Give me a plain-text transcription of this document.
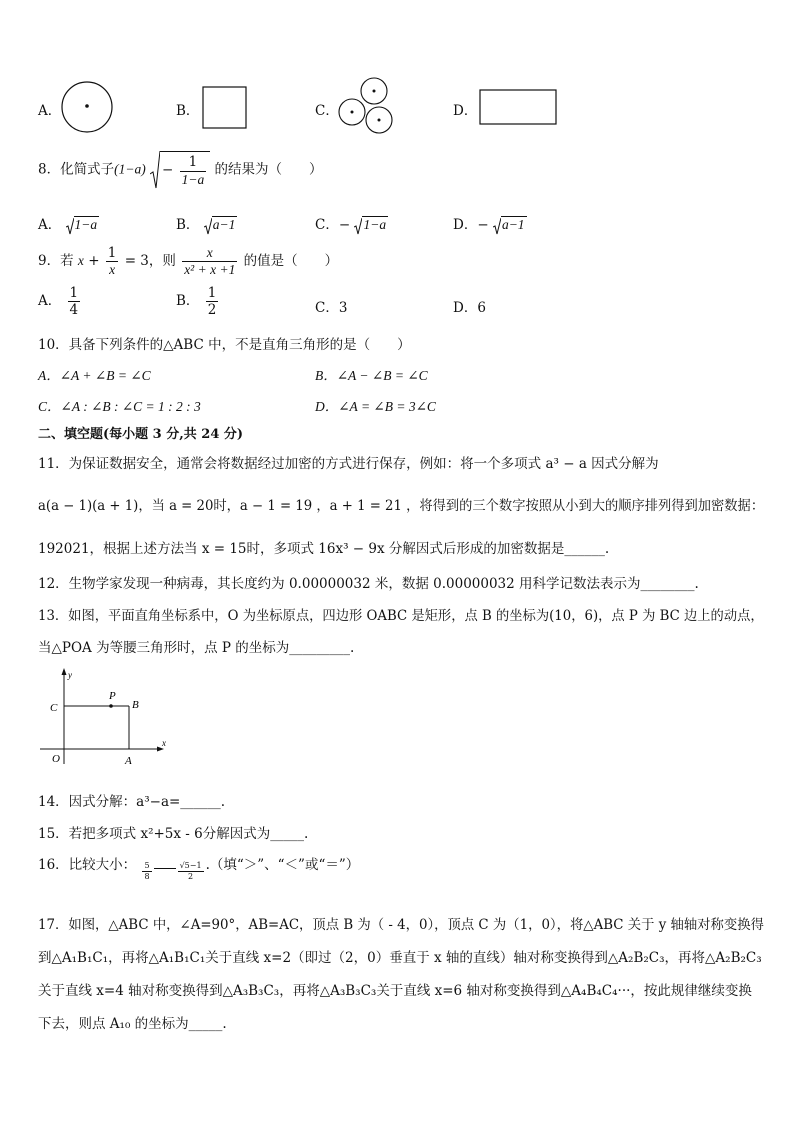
A．	B．	C．	D．
8．化简式子$(1-a) - \frac{1}{1-a}$ 的结果为（　　）
A． 1−a	B． a−1	C．− 1−a	D．− a−1
9．若 $x + \frac{1}{x} = 3$，则 $\frac{x}{\text{x² + x +1}}$ 的值是（　　）
A． $\frac{1}{4}$	B． $\frac{1}{2}$	C．3	D．6
10．具备下列条件的△ABC 中，不是直角三角形的是（　　）
A．∠A + ∠B = ∠C	B．∠A − ∠B = ∠C
C．∠A : ∠B : ∠C = 1 : 2 : 3	D．∠A = ∠B = 3∠C
二、填空题(每小题 3 分,共 24 分)
11．为保证数据安全，通常会将数据经过加密的方式进行保存，例如：将一个多项式 a³ − a 因式分解为
a(a − 1)(a + 1)，当 a = 20时，a − 1 = 19 ，a + 1 = 21 ，将得到的三个数字按照从小到大的顺序排列得到加密数据：
192021，根据上述方法当 x = 15时，多项式 16x³ − 9x 分解因式后形成的加密数据是______.
12．生物学家发现一种病毒，其长度约为 0.00000032 米，数据 0.00000032 用科学记数法表示为________.
13．如图，平面直角坐标系中，O 为坐标原点，四边形 OABC 是矩形，点 B 的坐标为(10，6)，点 P 为 BC 边上的动点，
当△POA 为等腰三角形时，点 P 的坐标为_________.
y
x
C
P
B
O	A
14．因式分解：a³−a=______.
15．若把多项式 x²+5x - 6分解因式为_____.
16．比较大小： $\frac{5}{8}$	$\frac{√5-1}{2}$ .（填“＞”、“＜”或“＝”）
17．如图，△ABC 中，∠A=90°，AB=AC，顶点 B 为（ - 4，0），顶点 C 为（1，0），将△ABC 关于 y 轴轴对称变换得
到△A₁B₁C₁，再将△A₁B₁C₁关于直线 x=2（即过（2，0）垂直于 x 轴的直线）轴对称变换得到△A₂B₂C₃，再将△A₂B₂C₃
关于直线 x=4 轴对称变换得到△A₃B₃C₃，再将△A₃B₃C₃关于直线 x=6 轴对称变换得到△A₄B₄C₄···，按此规律继续变换
下去，则点 A₁₀ 的坐标为_____.
